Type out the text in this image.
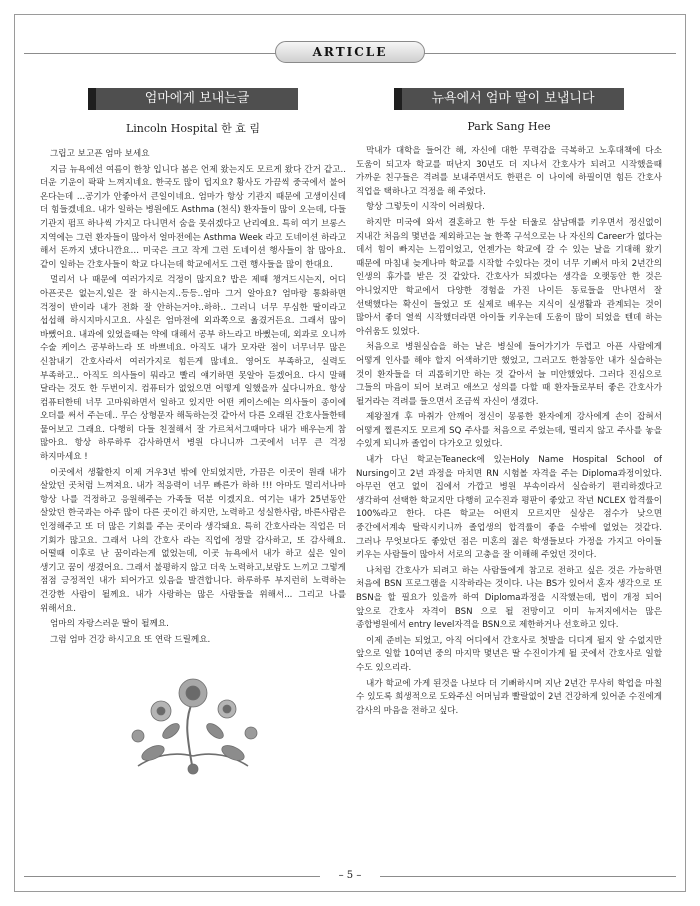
ARTICLE
엄마에게 보내는글
Lincoln Hospital 한 효 림

그립고 보고픈 엄마 보세요

지금 뉴욕에선 여름이 한창 입니다 봄은 언제 왔는지도 모르게 왔다 간거 같고.. 더운 기운이 팍팍 느껴지네요. 한국도 많이 덥지요? 황사도 가끔씩 중국에서 불어 온다는데 ...공기가 안좋아서 큰일이네요. 엄마가 항상 기관지 때문에 고생이신데 더 힘들겠네요. 내가 일하는 병원에도 Asthma (천식) 환자들이 많이 오는데, 다들 기관지 펌프 하나씩 가지고 다니면서 숨을 못쉬겠다고 난리예요. 특히 여기 브롱스 지역에는 그런 환자들이 많아서 얼마전에는 Asthma Week 라고 도네이션 하라고 해서 돈까지 냈다니깐요… 미국은 크고 작게 그런 도네이션 행사들이 참 많아요. 같이 일하는 간호사들이 학교 다니는데 학교에서도 그런 행사들을 많이 한대요.

멀리서 나 때문에 여러가지로 걱정이 많지요? 밥은 제때 챙겨드시는지, 어디 아픈곳은 없는지,일은 잘 하시는지..등등..엄마 그거 알아요? 엄마랑 통화하면 걱정이 반이라 내가 전화 잘 안하는거야..하하.. 그러니 너무 무심한 딸이라고 섭섭해 하시지마시고요. 사실은 엄마전에 외과쪽으로 옮겼거든요. 그래서 많이 바뻤어요. 내과에 있었을때는 약에 대해서 공부 하느라고 바뻤는데, 외과로 오니까 수술 케이스 공부하느라 또 바쁘네요. 아직도 내가 모자란 점이 너무너무 많은 신참내기 간호사라서 여러가지로 힘든게 많네요. 영어도 부족하고, 실력도 부족하고.. 아직도 의사들이 뭐라고 빨리 얘기하면 못알아 듣겠어요. 다시 말해 달라는 것도 한 두번이지. 컴퓨터가 없었으면 어떻게 일했을까 싶다니까요. 항상 컴퓨터한테 너무 고마워하면서 일하고 있지만 어떤 케이스에는 의사들이 종이에 오더를 써서 주는데.. 무슨 상형문자 해독하는것 같아서 다른 오래된 간호사들한테 물어보고 그래요. 다행히 다들 친절해서 잘 가르쳐서그때마다 내가 배우는게 참 많아요. 항상 하루하루 감사하면서 병원 다니니까 그곳에서 너무 큰 걱정 하지마세요 !

이곳에서 생활한지 이제 거우3년 밖에 안되었지만, 가끔은 이곳이 원래 내가 살았던 곳처럼 느껴져요. 내가 적응력이 너무 빠른가 하하 !!! 아마도 멀리서나마 항상 나를 걱정하고 응원해주는 가족들 덕분 이겠지요. 여기는 내가 25년동안 살았던 한국과는 아주 많이 다른 곳이긴 하지만, 노력하고 성실한사람, 바른사람은 인정해주고 또 더 많은 기회를 주는 곳이라 생각돼요. 특히 간호사라는 직업은 더 기회가 많고요. 그래서 나의 간호사 라는 직업에 정말 감사하고, 또 감사해요. 어떨때 이후로 난 꿈이라는게 없었는데, 이곳 뉴욕에서 내가 하고 싶은 일이 생기고 꿈이 생겼어요. 그래서 불평하지 않고 더욱 노력하고,보람도 느끼고 그렇게 점점 긍정적인 내가 되어가고 있음을 발견합니다. 하루하루 부지런히 노력하는 건강한 사람이 될께요. 내가 사랑하는 많은 사람들을 위해서... 그리고 나를 위해서요.

엄마의 자랑스러운 딸이 될께요.

그럼 엄마 건강 하시고요 또 연락 드릴께요.

뉴욕에서 엄마 딸이 보냅니다
Park Sang Hee

막내가 대학을 들어간 해, 자신에 대한 무력감을 극복하고 노후대책에 다소 도움이 되고자 학교를 떠난지 30년도 더 지나서 간호사가 되려고 시작했을때 가까운 친구들은 격려를 보내주면서도 한편은 이 나이에 하필이면 힘든 간호사 직업을 택하나고 걱정을 해 주었다.

항상 그렇듯이 시작이 어려웠다.

하지만 미국에 와서 결혼하고 한 두살 터울로 삼남매를 키우면서 정신없이 지내간 처음의 몇년을 제외하고는 늘 한쪽 구석으로는 나 자신의 Career가 없다는 데서 힘이 빠지는 느낌이었고, 언젠가는 학교에 갈 수 있는 날을 기대해 왔기 때문에 마침내 늦게나마 학교를 시작할 수있다는 것이 너무 기뻐서 마치 2년간의 인생의 휴가를 받은 것 같았다. 간호사가 되겠다는 생각을 오랫동안 한 것은 아니었지만 학교에서 다양한 경험을 가진 나이든 동료들을 만나면서 잘 선택했다는 확신이 들었고 또 실제로 배우는 지식이 실생활과 관계되는 것이 많아서 좋더 열씩 시작했더라면 아이들 키우는데 도움이 많이 되었을 텐데 하는 아쉬움도 있었다.

처음으로 병원실습을 하는 날은 병실에 들어가기가 두렵고 아픈 사람에게 어떻게 인사를 해야 할지 어색하기만 했었고, 그러고도 한참동안 내가 실습하는 것이 환자들을 더 괴롭히기만 하는 것 같아서 늘 미안했었다. 그러다 진심으로 그들의 마음이 되어 보려고 애쓰고 성의를 다할 때 환자들로부터 좋은 간호사가 될거라는 격려를 들으면서 조금씩 자신이 생겼다.

제왕절개 후 마취가 안깨어 정신이 몽롱한 환자에게 강사에게 손이 잡혀서 어떻게 찔른지도 모르게 SQ 주사를 처음으로 주었는데, 떨리지 않고 주사를 놓을 수있게 되니까 졸업이 다가오고 있었다.

내가 다닌 학교는Teaneck에 있는Holy Name Hospital School of Nursing이고 2년 과정을 마치면 RN 시험볼 자격을 주는 Diploma과정이었다. 아무런 연고 없이 집에서 가깝고 병원 부속이라서 실습하기 편리하겠다고 생각하여 선택한 학교지만 다행히 교수진과 평판이 좋았고 작년 NCLEX 합격률이 100%라고 한다. 다른 학교는 어떤지 모르지만 실상은 점수가 낮으면 중간에서계속 탈락시키니까 졸업생의 합격률이 좋을 수밖에 없었는 것같다. 그러나 무엇보다도 좋았던 점은 미혼의 젊은 학생들보다 가정을 가지고 아이들 키우는 사람들이 많아서 서로의 고충을 잘 이해해 주었던 것이다.

나처럼 간호사가 되려고 하는 사람들에게 참고로 전하고 싶은 것은 가능하면 처음에 BSN 프로그램을 시작하라는 것이다. 나는 BS가 있어서 혼자 생각으로 또 BSN을 할 필요가 있을까 하여 Diploma과정을 시작했는데, 법이 개정 되어 앞으로 간호사 자격이 BSN 으로 될 전망이고 이미 뉴저지에서는 많은 종합병원에서 entry level자격을 BSN으로 제한하거나 선호하고 있다.

이제 준비는 되었고, 아직 어디에서 간호사로 첫발을 디디게 될지 알 수없지만 앞으로 일할 10여년 중의 마지막 몇년은 딸 수진이가게 될 곳에서 간호사로 일할 수도 있으리라.

내가 학교에 가게 된것을 나보다 더 기뻐하시며 지난 2년간 무사히 학업을 마칠 수 있도록 희생적으로 도와주신 어머님과 빨랄없이 2년 건강하게 있어준 수진에게 감사의 마음을 전하고 싶다.

– 5 –
